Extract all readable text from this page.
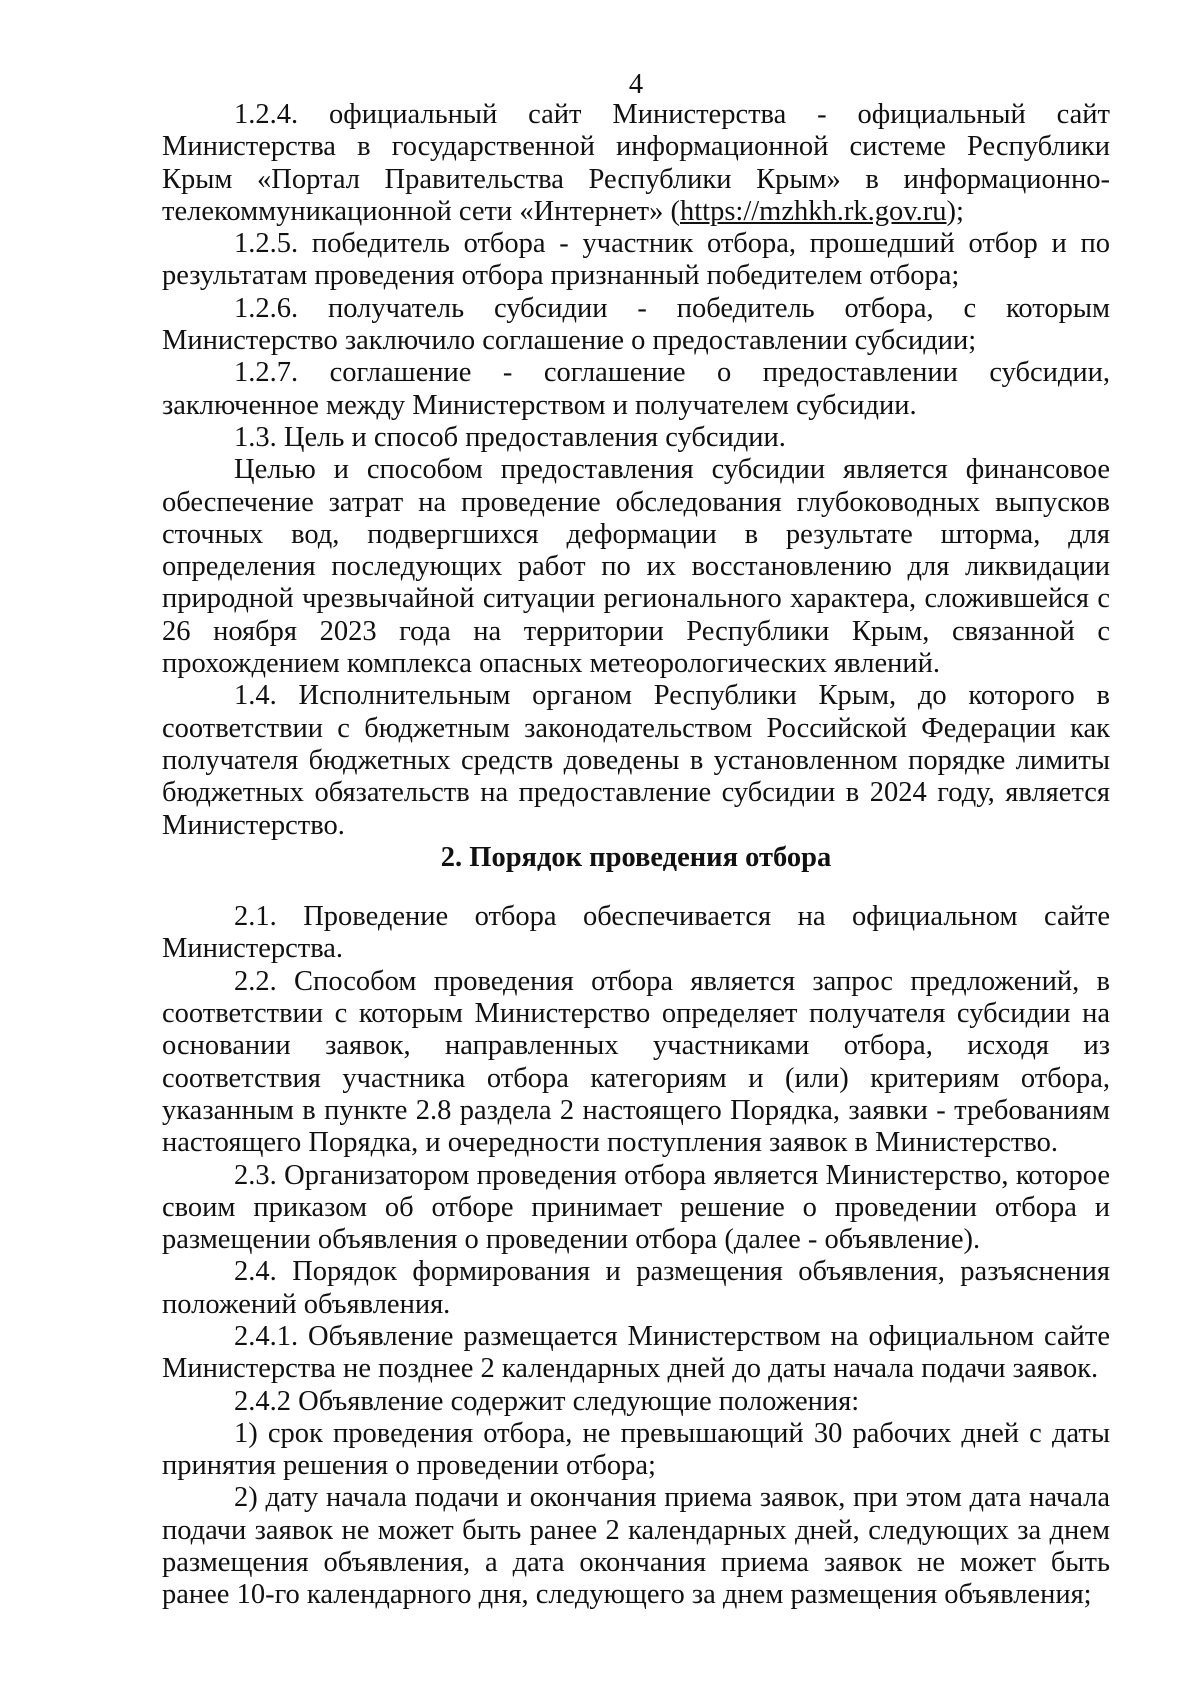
4

1.2.4. официальный сайт Министерства - официальный сайт Министерства в государственной информационной системе Республики Крым «Портал Правительства Республики Крым» в информационно-телекоммуникационной сети «Интернет» (https://mzhkh.rk.gov.ru);

1.2.5. победитель отбора - участник отбора, прошедший отбор и по результатам проведения отбора признанный победителем отбора;

1.2.6. получатель субсидии - победитель отбора, с которым Министерство заключило соглашение о предоставлении субсидии;

1.2.7. соглашение - соглашение о предоставлении субсидии, заключенное между Министерством и получателем субсидии.

1.3. Цель и способ предоставления субсидии.

Целью и способом предоставления субсидии является финансовое обеспечение затрат на проведение обследования глубоководных выпусков сточных вод, подвергшихся деформации в результате шторма, для определения последующих работ по их восстановлению для ликвидации природной чрезвычайной ситуации регионального характера, сложившейся с 26 ноября 2023 года на территории Республики Крым, связанной с прохождением комплекса опасных метеорологических явлений.

1.4. Исполнительным органом Республики Крым, до которого в соответствии с бюджетным законодательством Российской Федерации как получателя бюджетных средств доведены в установленном порядке лимиты бюджетных обязательств на предоставление субсидии в 2024 году, является Министерство.

2. Порядок проведения отбора

2.1. Проведение отбора обеспечивается на официальном сайте Министерства.

2.2. Способом проведения отбора является запрос предложений, в соответствии с которым Министерство определяет получателя субсидии на основании заявок, направленных участниками отбора, исходя из соответствия участника отбора категориям и (или) критериям отбора, указанным в пункте 2.8 раздела 2 настоящего Порядка, заявки - требованиям настоящего Порядка, и очередности поступления заявок в Министерство.

2.3. Организатором проведения отбора является Министерство, которое своим приказом об отборе принимает решение о проведении отбора и размещении объявления о проведении отбора (далее - объявление).

2.4. Порядок формирования и размещения объявления, разъяснения положений объявления.

2.4.1. Объявление размещается Министерством на официальном сайте Министерства не позднее 2 календарных дней до даты начала подачи заявок.

2.4.2 Объявление содержит следующие положения:

1) срок проведения отбора, не превышающий 30 рабочих дней с даты принятия решения о проведении отбора;

2) дату начала подачи и окончания приема заявок, при этом дата начала подачи заявок не может быть ранее 2 календарных дней, следующих за днем размещения объявления, а дата окончания приема заявок не может быть ранее 10-го календарного дня, следующего за днем размещения объявления;
